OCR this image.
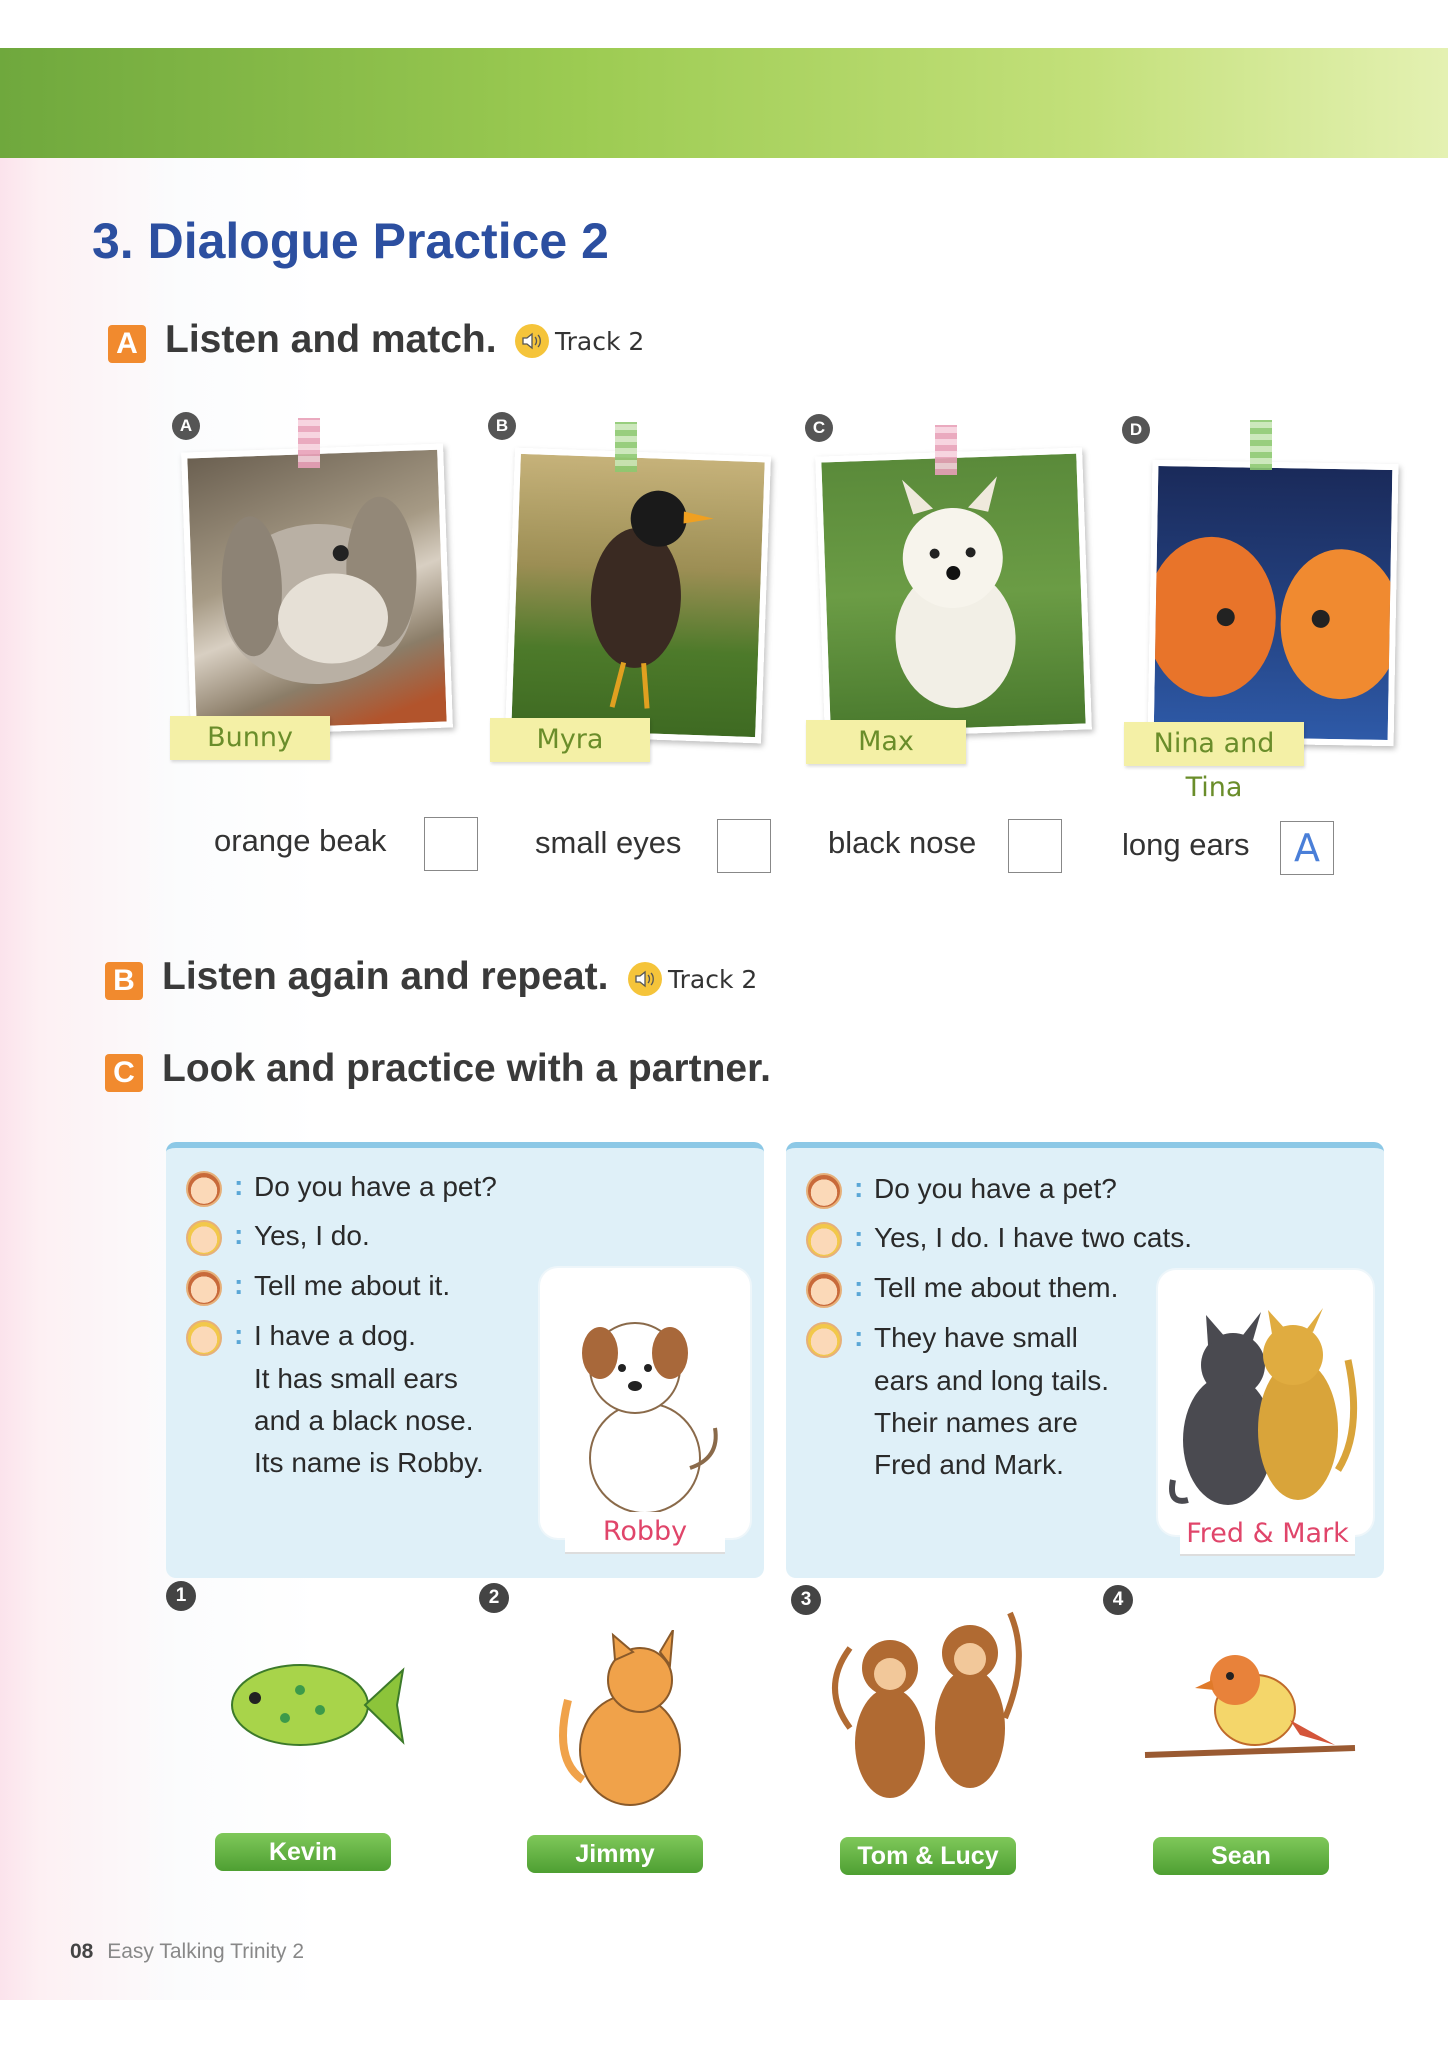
3. Dialogue Practice 2
A Listen and match. Track 2
A	B	C	D
Bunny	Myra	Max	Nina and Tina
orange beak	small eyes	black nose	long ears	A
B Listen again and repeat. Track 2
C Look and practice with a partner.
Robby
: Do you have a pet?
: Yes, I do.
: Tell me about it.
: I have a dog.
It has small ears
and a black nose.
Its name is Robby.
Fred & Mark
: Do you have a pet?
: Yes, I do. I have two cats.
: Tell me about them.
: They have small
ears and long tails.
Their names are
Fred and Mark.
1	2	3	4
Kevin	Jimmy	Tom & Lucy	Sean
08 Easy Talking Trinity 2
